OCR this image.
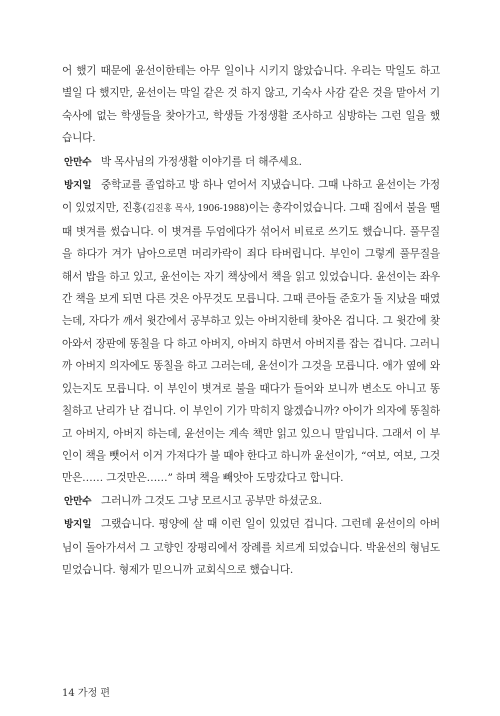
어 했기 때문에 윤선이한테는 아무 일이나 시키지 않았습니다. 우리는 막일도 하고 별일 다 했지만, 윤선이는 막일 같은 것 하지 않고, 기숙사 사감 같은 것을 맡아서 기숙사에 없는 학생들을 찾아가고, 학생들 가정생활 조사하고 심방하는 그런 일을 했습니다.

안만수 박 목사님의 가정생활 이야기를 더 해주세요.

방지일 중학교를 졸업하고 방 하나 얻어서 지냈습니다. 그때 나하고 윤선이는 가정이 있었지만, 진홍(김진홍 목사, 1906-1988)이는 총각이었습니다. 그때 집에서 불을 땔 때 볏겨를 썼습니다. 이 볏겨를 두엄에다가 섞어서 비료로 쓰기도 했습니다. 풀무질을 하다가 겨가 남아으로면 머리카락이 죄다 타버립니다. 부인이 그렇게 풀무질을 해서 밥을 하고 있고, 윤선이는 자기 책상에서 책을 읽고 있었습니다. 윤선이는 좌우간 책을 보게 되면 다른 것은 아무것도 모릅니다. 그때 큰아들 준호가 돌 지났을 때였는데, 자다가 깨서 윗간에서 공부하고 있는 아버지한테 찾아온 겁니다. 그 윗간에 찾아와서 장판에 똥칠을 다 하고 아버지, 아버지 하면서 아버지를 잡는 겁니다. 그러니까 아버지 의자에도 똥칠을 하고 그러는데, 윤선이가 그것을 모릅니다. 애가 옆에 와 있는지도 모릅니다. 이 부인이 볏겨로 불을 때다가 들어와 보니까 변소도 아니고 똥칠하고 난리가 난 겁니다. 이 부인이 기가 막히지 않겠습니까? 아이가 의자에 똥칠하고 아버지, 아버지 하는데, 윤선이는 계속 책만 읽고 있으니 말입니다. 그래서 이 부인이 책을 뺏어서 이거 가져다가 불 때야 한다고 하니까 윤선이가, “여보, 여보, 그것만은…… 그것만은……” 하며 책을 빼앗아 도망갔다고 합니다.

안만수 그러니까 그것도 그냥 모르시고 공부만 하셨군요.

방지일 그랬습니다. 평양에 살 때 이런 일이 있었던 겁니다. 그런데 윤선이의 아버님이 돌아가셔서 그 고향인 장평리에서 장례를 치르게 되었습니다. 박윤선의 형님도 믿었습니다. 형제가 믿으니까 교회식으로 했습니다.

14 가정 편
